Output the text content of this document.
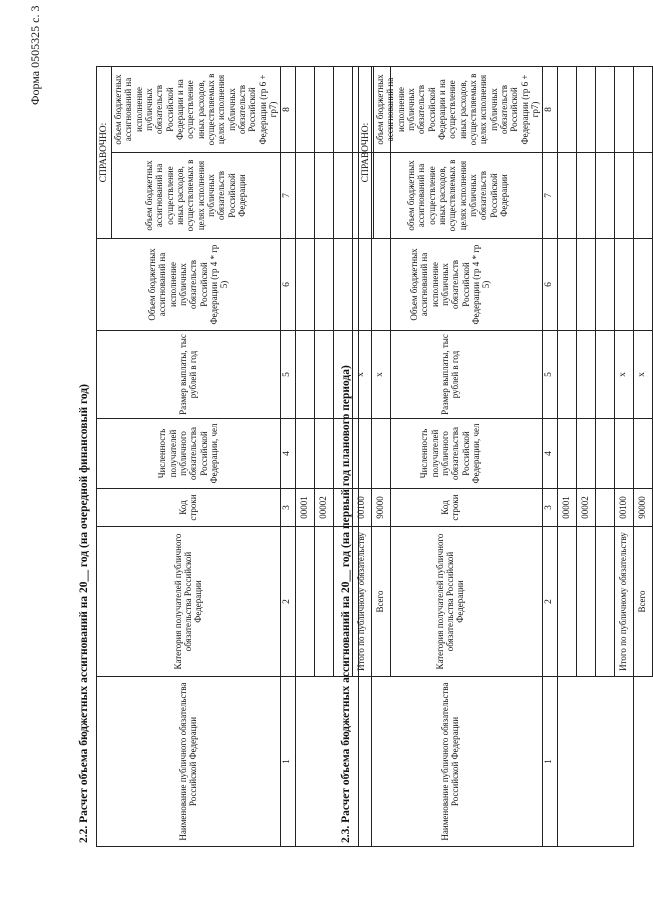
Форма 0505325 с. 3
2.2. Расчет объема бюджетных ассигнований на 20__ год (на очередной финансовый год)	Наименование публичного обязательства Российской Федерации	Категория получателей публичного обязательства Российской Федерации	Код строки	Численность получателей публичного обязательства Российской Федерации, чел	Размер выплаты, тыс рублей в год	Объем бюджетных ассигнований на исполнение публичных обязательств Российской Федерации (гр 4 * гр 5)	СПРАВОЧНО:	
						объем бюджетных ассигнований на осуществление иных расходов, осуществляемых в целях исполнения публичных обязательств Российской Федерации	объем бюджетных ассигнований на исполнение публичных обязательств Российской Федерации и на осуществление иных расходов, осуществляемых в целях исполнения публичных обязательств Российской Федерации (гр 6 + гр7)
1	2	3	4	5	6	7	8
		00001					
		00002					

	Итого по публичному обязательству	00100		x			
	Всего	90000		x			
2.3. Расчет объема бюджетных ассигнований на 20__ год (на первый год планового периода)	Наименование публичного обязательства Российской Федерации	Категория получателей публичного обязательства Российской Федерации	Код строки	Численность получателей публичного обязательства Российской Федерации, чел	Размер выплаты, тыс рублей в год	Объем бюджетных ассигнований на исполнение публичных обязательств Российской Федерации (гр 4 * гр 5)	СПРАВОЧНО:	
						объем бюджетных ассигнований на осуществление иных расходов, осуществляемых в целях исполнения публичных обязательств Российской Федерации	объем бюджетных ассигнований на исполнение публичных обязательств Российской Федерации и на осуществление иных расходов, осуществляемых в целях исполнения публичных обязательств Российской Федерации (гр 6 + гр7)
1	2	3	4	5	6	7	8
		00001					
		00002					

	Итого по публичному обязательству	00100		x			
	Всего	90000		x			
